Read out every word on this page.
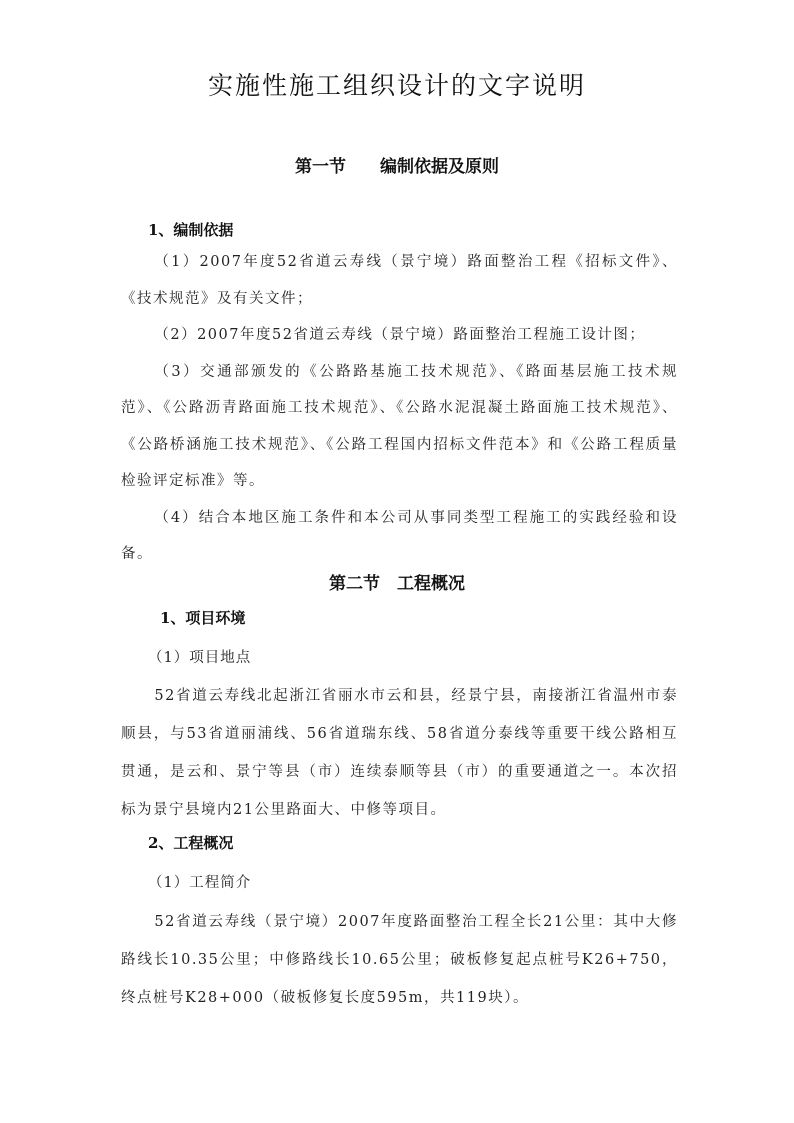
实施性施工组织设计的文字说明
第一节　　编制依据及原则
1、编制依据

（1）2007年度52省道云寿线（景宁境）路面整治工程《招标文件》、《技术规范》及有关文件；

（2）2007年度52省道云寿线（景宁境）路面整治工程施工设计图；

（3）交通部颁发的《公路路基施工技术规范》、《路面基层施工技术规范》、《公路沥青路面施工技术规范》、《公路水泥混凝土路面施工技术规范》、《公路桥涵施工技术规范》、《公路工程国内招标文件范本》和《公路工程质量检验评定标准》等。

（4）结合本地区施工条件和本公司从事同类型工程施工的实践经验和设备。

第二节　工程概况
1、项目环境
（1）项目地点

52省道云寿线北起浙江省丽水市云和县，经景宁县，南接浙江省温州市泰顺县，与53省道丽浦线、56省道瑞东线、58省道分泰线等重要干线公路相互贯通，是云和、景宁等县（市）连续泰顺等县（市）的重要通道之一。本次招标为景宁县境内21公里路面大、中修等项目。

2、工程概况
（1）工程简介

52省道云寿线（景宁境）2007年度路面整治工程全长21公里：其中大修路线长10.35公里；中修路线长10.65公里；破板修复起点桩号K26+750，终点桩号K28+000（破板修复长度595m，共119块）。
